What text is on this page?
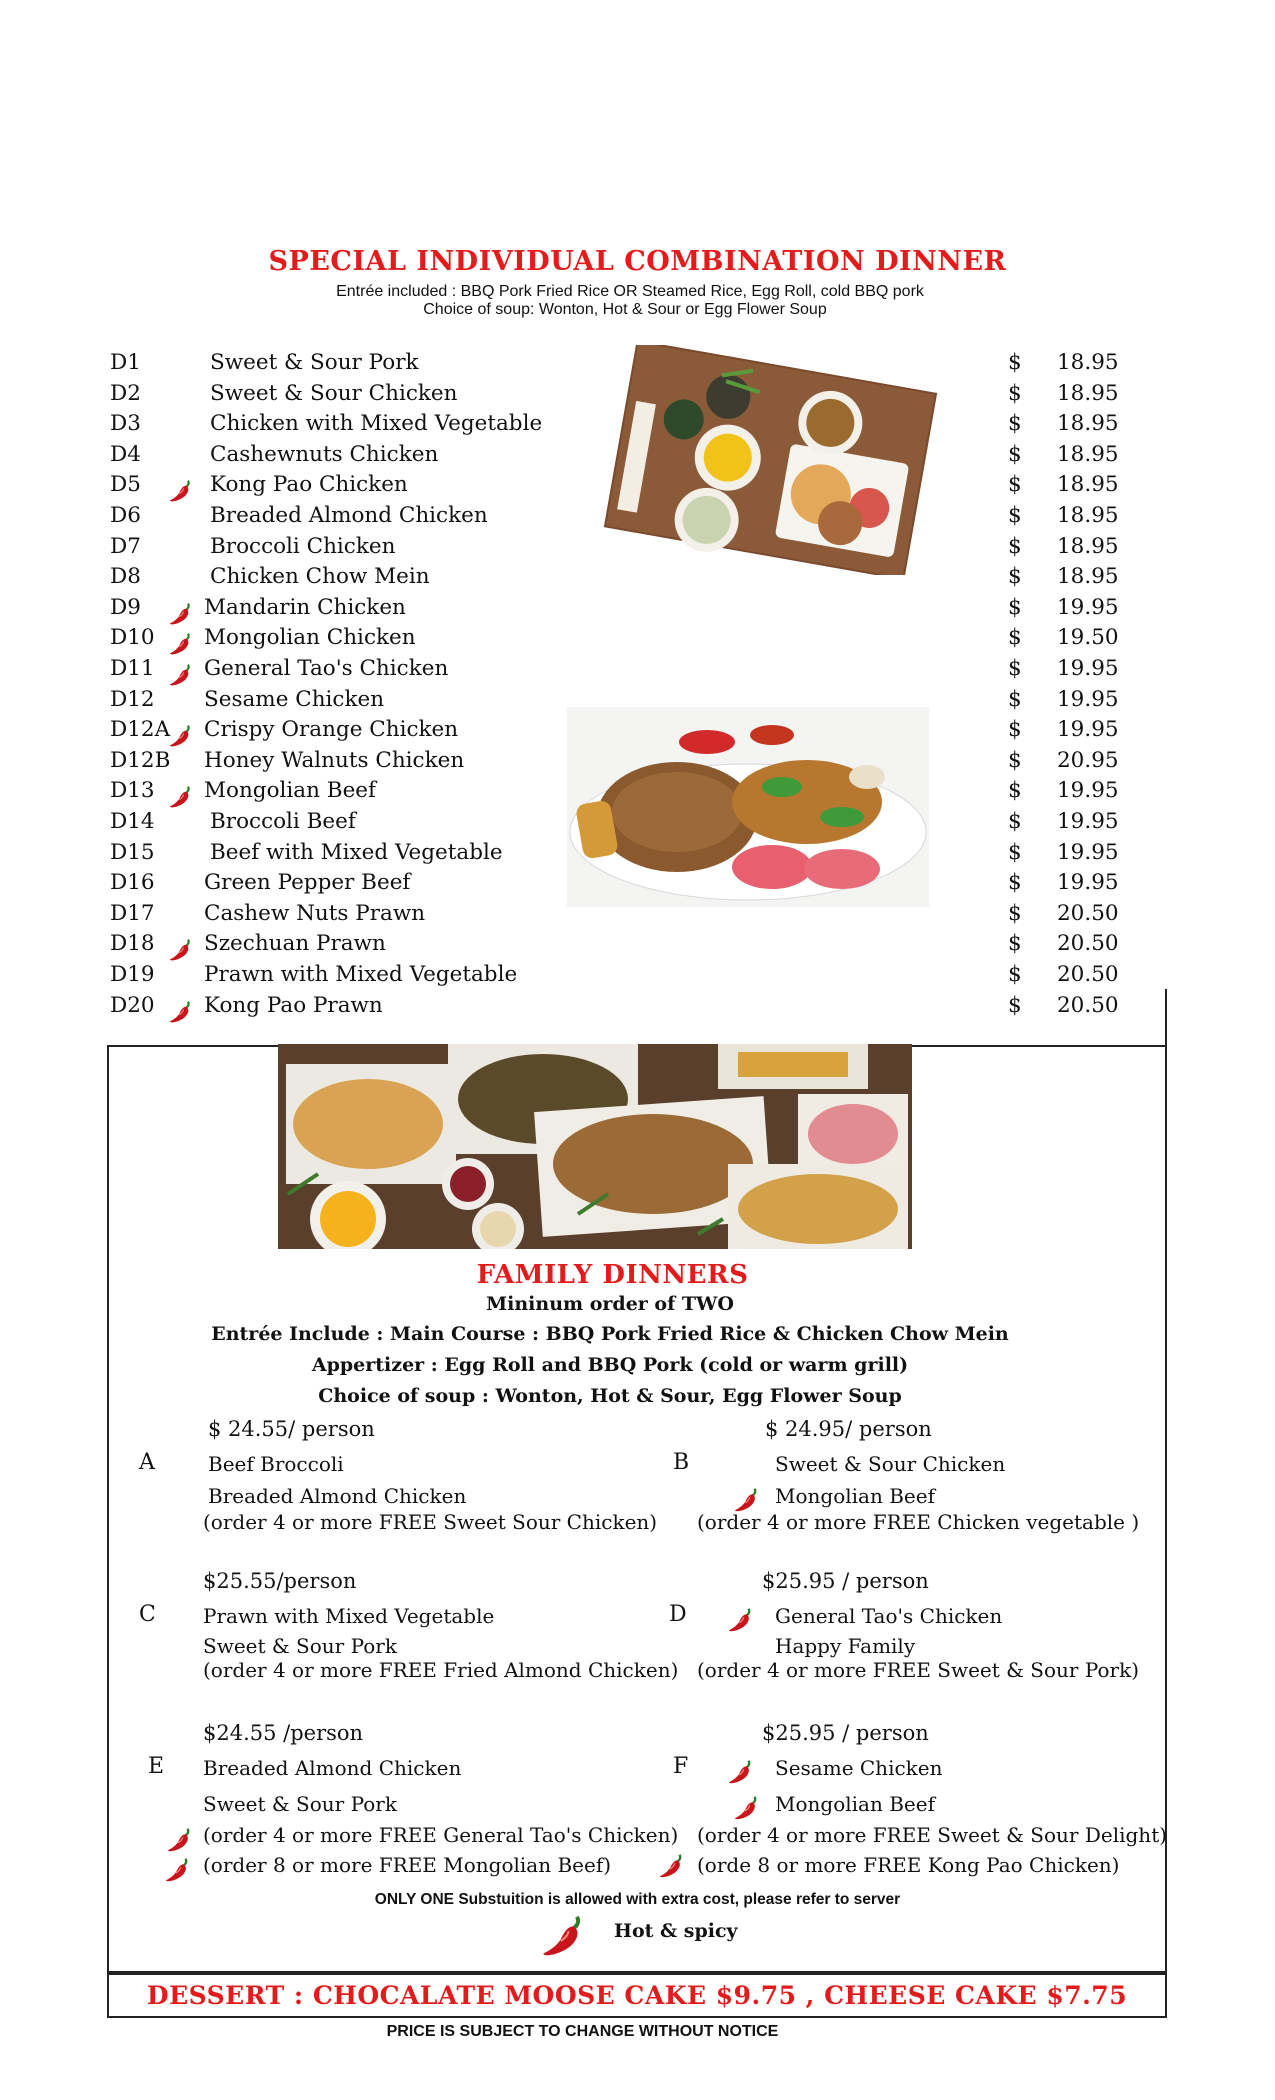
SPECIAL INDIVIDUAL COMBINATION DINNER
Entrée included : BBQ Pork Fried Rice OR Steamed Rice, Egg Roll, cold BBQ pork
Choice of soup: Wonton, Hot & Sour or Egg Flower Soup
D1	Sweet & Sour Pork	$ 18.95
D2	Sweet & Sour Chicken	$ 18.95
D3	Chicken with Mixed Vegetable	$ 18.95
D4	Cashewnuts Chicken	$ 18.95
D5	Kong Pao Chicken	$ 18.95
D6	Breaded Almond Chicken	$ 18.95
D7	Broccoli Chicken	$ 18.95
D8	Chicken Chow Mein	$ 18.95
D9	Mandarin Chicken	$ 19.95
D10 Mongolian Chicken	$ 19.50
D11 General Tao's Chicken	$ 19.95
D12 Sesame Chicken	$ 19.95
D12A Crispy Orange Chicken	$ 19.95
D12B Honey Walnuts Chicken	$ 20.95
D13 Mongolian Beef	$ 19.95
D14	Broccoli Beef	$ 19.95
D15	Beef with Mixed Vegetable	$ 19.95
D16 Green Pepper Beef	$ 19.95
D17 Cashew Nuts Prawn	$ 20.50
D18 Szechuan Prawn	$ 20.50
D19 Prawn with Mixed Vegetable	$ 20.50
D20 Kong Pao Prawn	$ 20.50
FAMILY DINNERS
Mininum order of TWO
Entrée Include : Main Course : BBQ Pork Fried Rice & Chicken Chow Mein
Appertizer : Egg Roll and BBQ Pork (cold or warm grill)
Choice of soup : Wonton, Hot & Sour, Egg Flower Soup
$ 24.55/ person
A	Beef Broccoli
Breaded Almond Chicken
(order 4 or more FREE Sweet Sour Chicken)
$ 24.95/ person
B	Sweet & Sour Chicken
Mongolian Beef
(order 4 or more FREE Chicken vegetable )
$25.55/person
C Prawn with Mixed Vegetable
Sweet & Sour Pork
(order 4 or more FREE Fried Almond Chicken)
$25.95 / person
D	General Tao's Chicken
Happy Family
(order 4 or more FREE Sweet & Sour Pork)
$24.55 /person
E Breaded Almond Chicken
Sweet & Sour Pork
(order 4 or more FREE General Tao's Chicken)
(order 8 or more FREE Mongolian Beef)
$25.95 / person
F	Sesame Chicken
Mongolian Beef
(order 4 or more FREE Sweet & Sour Delight)
(orde 8 or more FREE Kong Pao Chicken)
ONLY ONE Substuition is allowed with extra cost, please refer to server
Hot & spicy
DESSERT : CHOCALATE MOOSE CAKE $9.75 , CHEESE CAKE $7.75
PRICE IS SUBJECT TO CHANGE WITHOUT NOTICE
